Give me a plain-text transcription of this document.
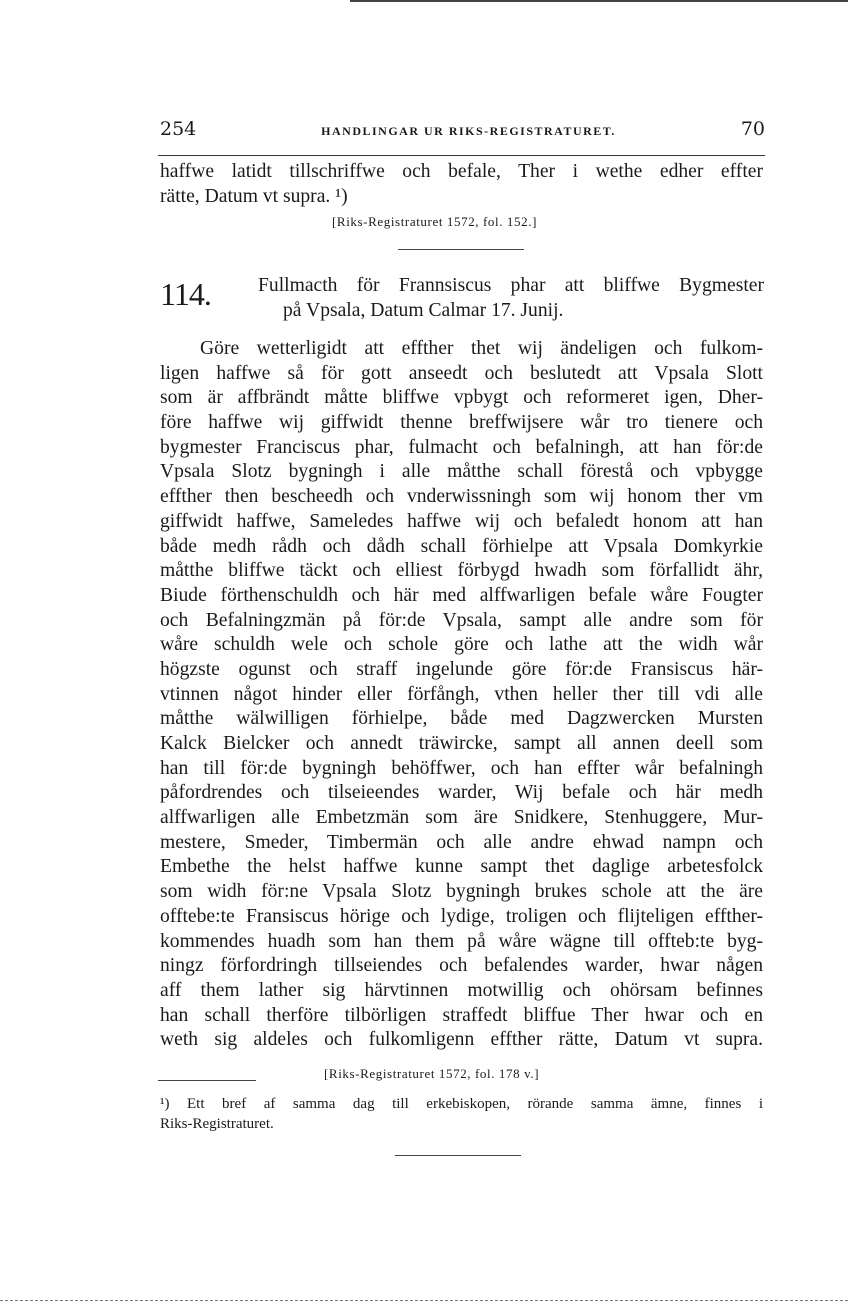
254	HANDLINGAR UR RIKS-REGISTRATURET.	70
haffwe latidt tillschriffwe och befale, Ther i wethe edher effter
rätte, Datum vt supra. ¹)
[Riks-Registraturet 1572, fol. 152.]
114. Fullmacth för Frannsiscus phar att bliffwe Bygmester
på Vpsala, Datum Calmar 17. Junij.
Göre wetterligidt att effther thet wij ändeligen och fulkom-
ligen haffwe så för gott anseedt och beslutedt att Vpsala Slott
som är affbrändt måtte bliffwe vpbygt och reformeret igen, Dher-
före haffwe wij giffwidt thenne breffwijsere wår tro tienere och
bygmester Franciscus phar, fulmacht och befalningh, att han för:de
Vpsala Slotz bygningh i alle måtthe schall förestå och vpbygge
effther then bescheedh och vnderwissningh som wij honom ther vm
giffwidt haffwe, Sameledes haffwe wij och befaledt honom att han
både medh rådh och dådh schall förhielpe att Vpsala Domkyrkie
måtthe bliffwe täckt och elliest förbygd hwadh som förfallidt ähr,
Biude förthenschuldh och här med alffwarligen befale wåre Fougter
och Befalningzmän på för:de Vpsala, sampt alle andre som för
wåre schuldh wele och schole göre och lathe att the widh wår
högzste ogunst och straff ingelunde göre för:de Fransiscus här-
vtinnen något hinder eller förfångh, vthen heller ther till vdi alle
måtthe wälwilligen förhielpe, både med Dagzwercken Mursten
Kalck Bielcker och annedt träwircke, sampt all annen deell som
han till för:de bygningh behöffwer, och han effter wår befalningh
påfordrendes och tilseieendes warder, Wij befale och här medh
alffwarligen alle Embetzmän som äre Snidkere, Stenhuggere, Mur-
mestere, Smeder, Timbermän och alle andre ehwad nampn och
Embethe the helst haffwe kunne sampt thet daglige arbetesfolck
som widh för:ne Vpsala Slotz bygningh brukes schole att the äre
offtebe:te Fransiscus hörige och lydige, troligen och flijteligen effther-
kommendes huadh som han them på wåre wägne till offteb:te byg-
ningz förfordringh tillseiendes och befalendes warder, hwar någen
aff them lather sig härvtinnen motwillig och ohörsam befinnes
han schall therföre tilbörligen straffedt bliffue Ther hwar och en
weth sig aldeles och fulkomligenn effther rätte, Datum vt supra.
[Riks-Registraturet 1572, fol. 178 v.]
¹) Ett bref af samma dag till erkebiskopen, rörande samma ämne, finnes i
Riks-Registraturet.
